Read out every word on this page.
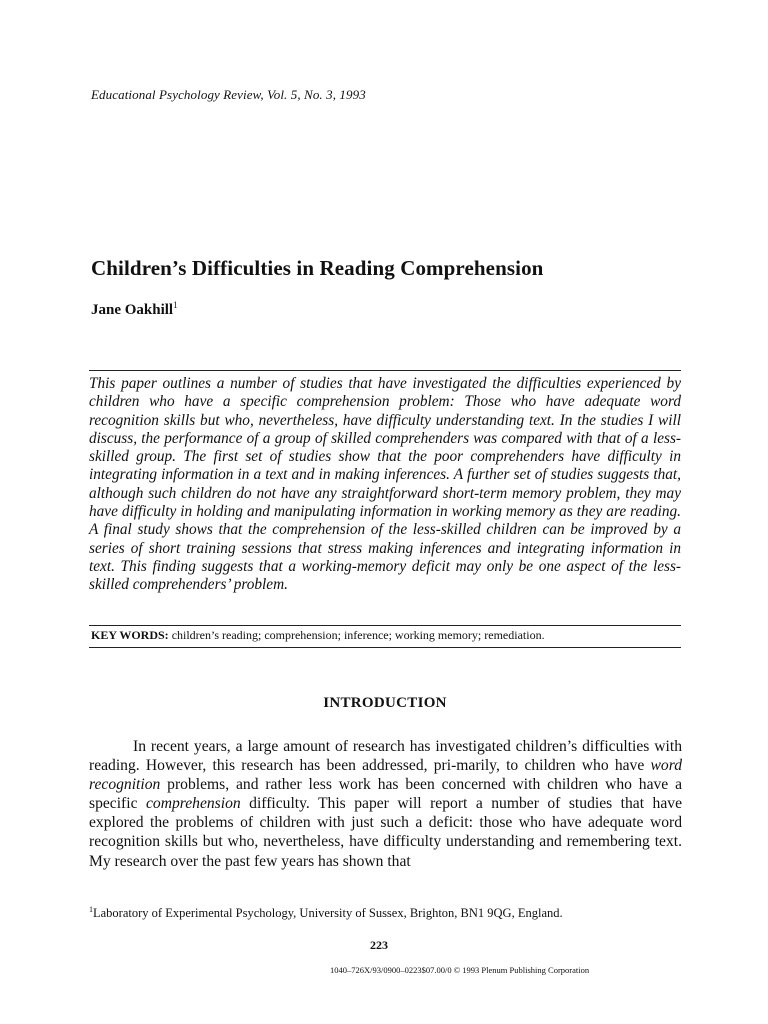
Educational Psychology Review, Vol. 5, No. 3, 1993
Children’s Difficulties in Reading Comprehension
Jane Oakhill$^1$

This paper outlines a number of studies that have investigated the difficulties experienced by children who have a specific comprehension problem: Those who have adequate word recognition skills but who, nevertheless, have difficulty understanding text. In the studies I will discuss, the performance of a group of skilled comprehenders was compared with that of a less-skilled group. The first set of studies show that the poor comprehenders have difficulty in integrating information in a text and in making inferences. A further set of studies suggests that, although such children do not have any straightforward short-term memory problem, they may have difficulty in holding and manipulating information in working memory as they are reading. A final study shows that the comprehension of the less-skilled children can be improved by a series of short training sessions that stress making inferences and integrating information in text. This finding suggests that a working-memory deficit may only be one aspect of the less-skilled comprehenders’ problem.

KEY WORDS: children’s reading; comprehension; inference; working memory; remediation.
INTRODUCTION

In recent years, a large amount of research has investigated children’s difficulties with reading. However, this research has been addressed, pri-marily, to children who have word recognition problems, and rather less work has been concerned with children who have a specific comprehension difficulty. This paper will report a number of studies that have explored the problems of children with just such a deficit: those who have adequate word recognition skills but who, nevertheless, have difficulty understanding and remembering text. My research over the past few years has shown that

$^1$Laboratory of Experimental Psychology, University of Sussex, Brighton, BN1 9QG, England.
223
1040–726X/93/0900–0223$07.00/0 © 1993 Plenum Publishing Corporation
